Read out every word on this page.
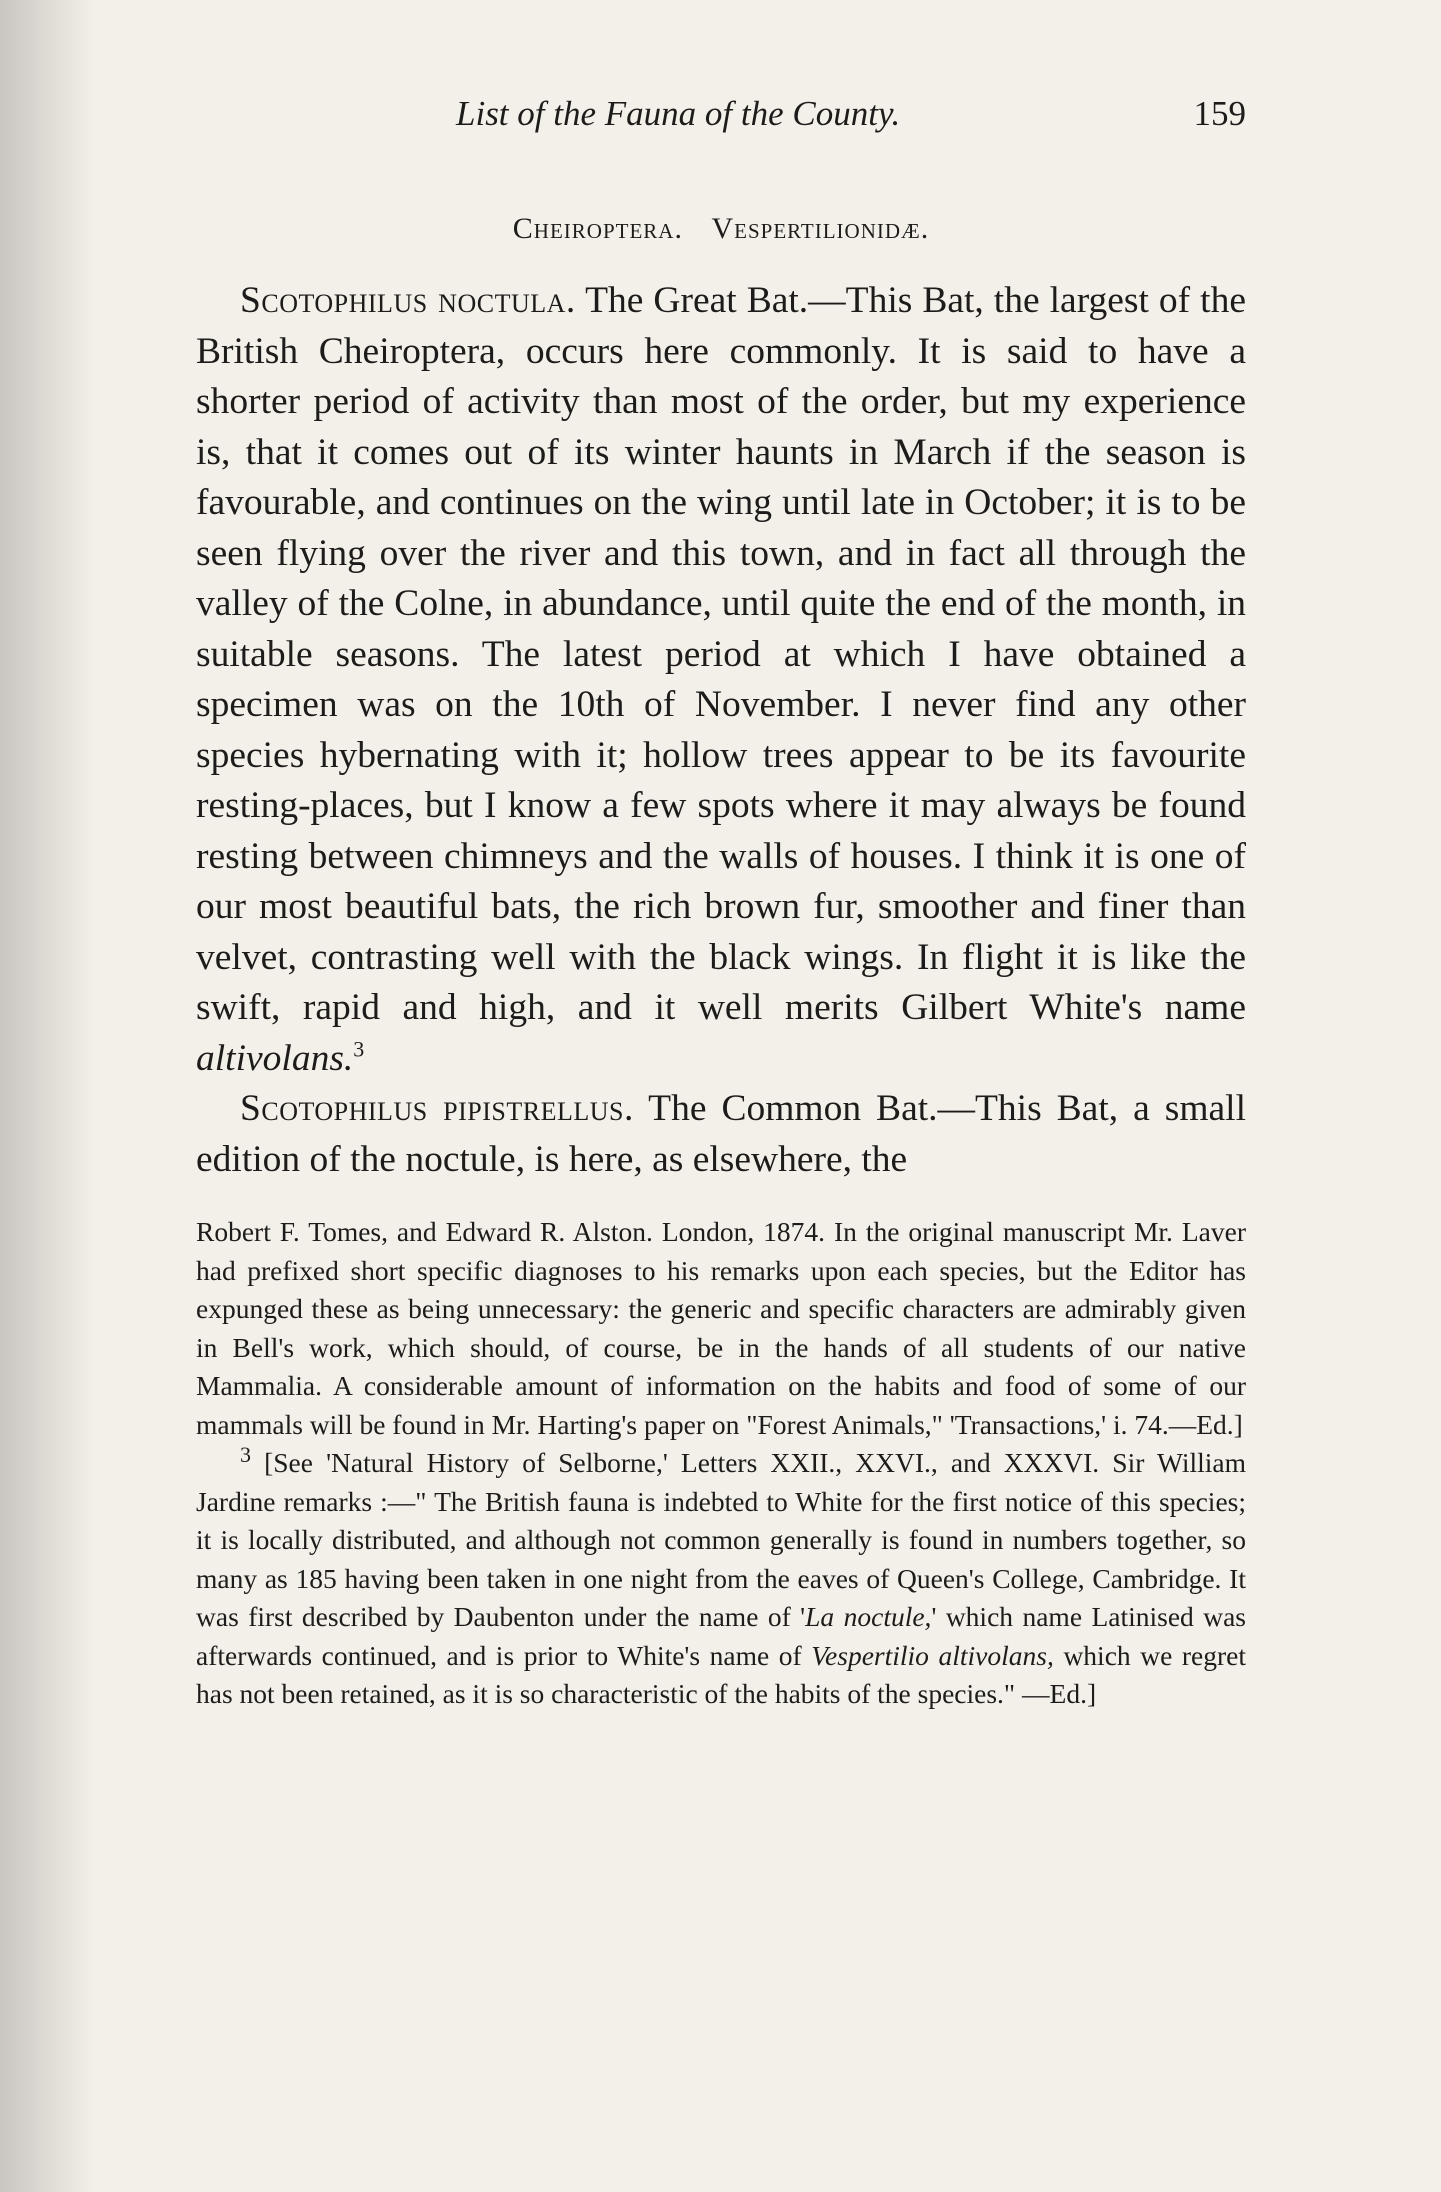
List of the Fauna of the County.	159
Cheiroptera. Vespertilionidæ.

Scotophilus noctula. The Great Bat.—This Bat, the largest of the British Cheiroptera, occurs here commonly. It is said to have a shorter period of activity than most of the order, but my experience is, that it comes out of its winter haunts in March if the season is favourable, and continues on the wing until late in October; it is to be seen flying over the river and this town, and in fact all through the valley of the Colne, in abundance, until quite the end of the month, in suitable seasons. The latest period at which I have obtained a specimen was on the 10th of November. I never find any other species hybernating with it; hollow trees appear to be its favourite resting-places, but I know a few spots where it may always be found resting between chimneys and the walls of houses. I think it is one of our most beautiful bats, the rich brown fur, smoother and finer than velvet, contrasting well with the black wings. In flight it is like the swift, rapid and high, and it well merits Gilbert White's name altivolans.$^3$

Scotophilus pipistrellus. The Common Bat.—This Bat, a small edition of the noctule, is here, as elsewhere, the

Robert F. Tomes, and Edward R. Alston. London, 1874. In the original manuscript Mr. Laver had prefixed short specific diagnoses to his remarks upon each species, but the Editor has expunged these as being unnecessary: the generic and specific characters are admirably given in Bell's work, which should, of course, be in the hands of all students of our native Mammalia. A considerable amount of information on the habits and food of some of our mammals will be found in Mr. Harting's paper on "Forest Animals," 'Transactions,' i. 74.—Ed.]

$^3$ [See 'Natural History of Selborne,' Letters XXII., XXVI., and XXXVI. Sir William Jardine remarks :—" The British fauna is indebted to White for the first notice of this species; it is locally distributed, and although not common generally is found in numbers together, so many as 185 having been taken in one night from the eaves of Queen's College, Cambridge. It was first described by Daubenton under the name of 'La noctule,' which name Latinised was afterwards continued, and is prior to White's name of Vespertilio altivolans, which we regret has not been retained, as it is so characteristic of the habits of the species." —Ed.]
